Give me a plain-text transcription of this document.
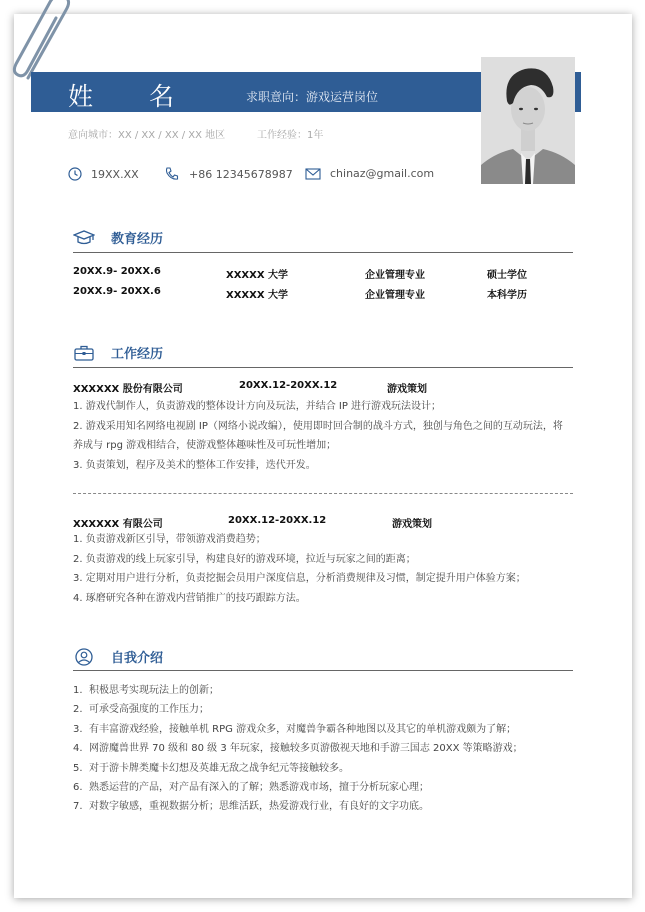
姓名 求职意向：游戏运营岗位
意向城市：XX / XX / XX / XX 地区	工作经验：1年
19XX.XX	+86 12345678987	chinaz@gmail.com
教育经历
20XX.9- 20XX.6	XXXXX 大学	企业管理专业	硕士学位
20XX.9- 20XX.6	XXXXX 大学	企业管理专业	本科学历
工作经历
XXXXXX 股份有限公司	20XX.12-20XX.12	游戏策划
1. 游戏代制作人，负责游戏的整体设计方向及玩法，并结合 IP 进行游戏玩法设计；
2. 游戏采用知名网络电视剧 IP（网络小说改编），使用即时回合制的战斗方式，独创与角色之间的互动玩法，将
养成与 rpg 游戏相结合，使游戏整体趣味性及可玩性增加；
3. 负责策划，程序及美术的整体工作安排，迭代开发。
XXXXXX 有限公司	20XX.12-20XX.12	游戏策划
1. 负责游戏新区引导，带领游戏消费趋势；
2. 负责游戏的线上玩家引导，构建良好的游戏环境，拉近与玩家之间的距离；
3. 定期对用户进行分析，负责挖掘会员用户深度信息，分析消费规律及习惯，制定提升用户体验方案；
4. 琢磨研究各种在游戏内营销推广的技巧跟踪方法。
自我介绍
1. 积极思考实现玩法上的创新；
2. 可承受高强度的工作压力；
3. 有丰富游戏经验，接触单机 RPG 游戏众多，对魔兽争霸各种地图以及其它的单机游戏颇为了解；
4. 网游魔兽世界 70 级和 80 级 3 年玩家，接触较多页游傲视天地和手游三国志 20XX 等策略游戏；
5. 对于游卡牌类魔卡幻想及英雄无敌之战争纪元等接触较多。
6. 熟悉运营的产品，对产品有深入的了解；熟悉游戏市场，擅于分析玩家心理；
7. 对数字敏感，重视数据分析；思维活跃，热爱游戏行业，有良好的文字功底。
